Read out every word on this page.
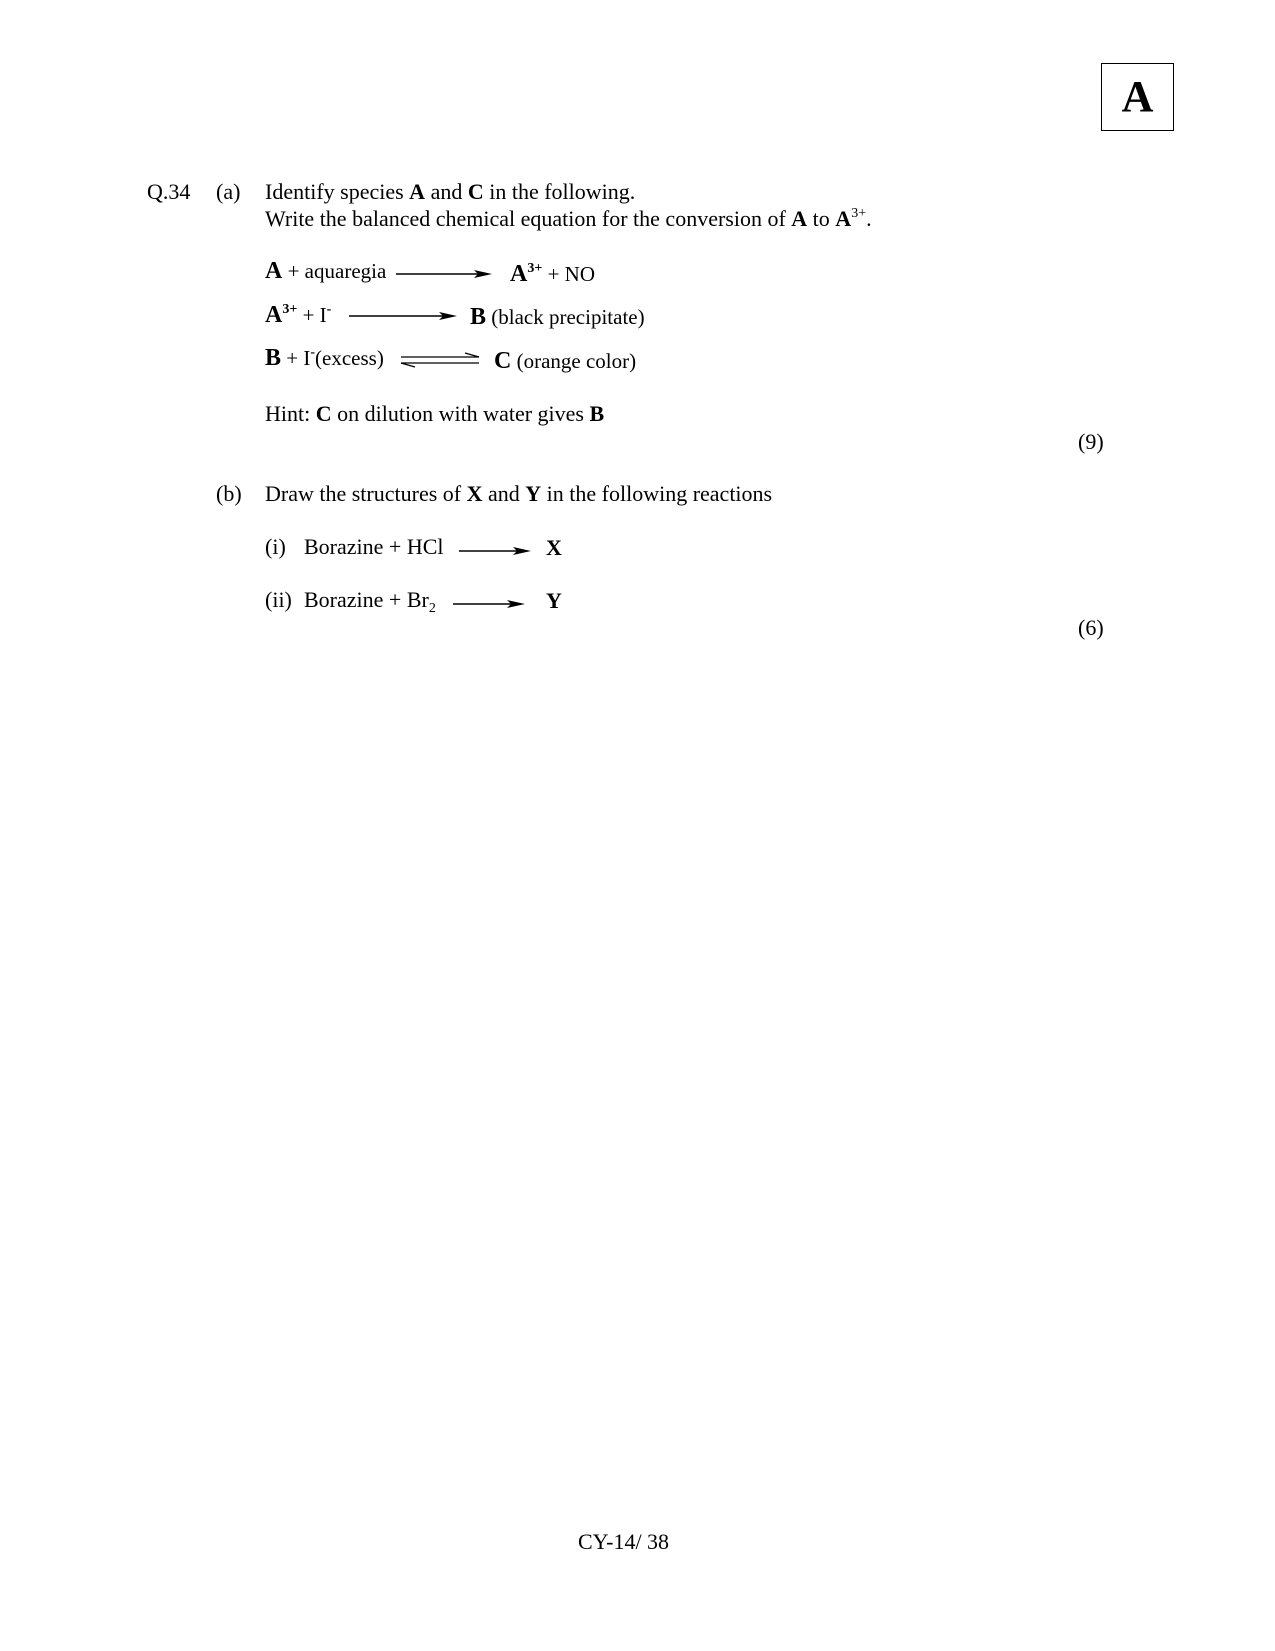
A
Q.34 (a) Identify species A and C in the following.
Write the balanced chemical equation for the conversion of A to $A^{3+}$.
A + aquaregia	$A^{3+}$ + NO
$A^{3+} + I^-$	B (black precipitate)
B + I-(excess)	C (orange color)
Hint: C on dilution with water gives B
(9)
(b) Draw the structures of X and Y in the following reactions
(i) Borazine + HCl	X
(ii) Borazine + $Br_2$	Y
(6)
CY-14/ 38
